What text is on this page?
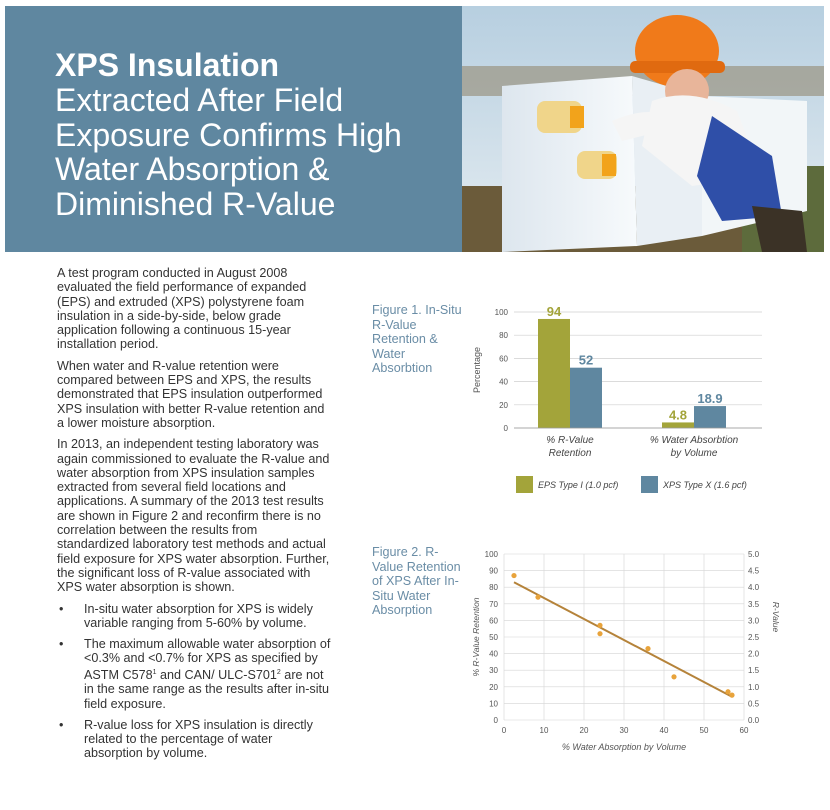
XPS Insulation
Extracted After Field Exposure Confirms High Water Absorption & Diminished R-Value

A test program conducted in August 2008 evaluated the field performance of expanded (EPS) and extruded (XPS) polystyrene foam insulation in a side-by-side, below grade application following a continuous 15-year installation period.

When water and R-value retention were compared between EPS and XPS, the results demonstrated that EPS insulation outperformed XPS insulation with better R-value retention and a lower moisture absorption.

In 2013, an independent testing laboratory was again commissioned to evaluate the R-value and water absorption from XPS insulation samples extracted from several field locations and applications. A summary of the 2013 test results are shown in Figure 2 and reconfirm there is no correlation between the results from standardized laboratory test methods and actual field exposure for XPS water absorption. Further, the significant loss of R-value associated with XPS water absorption is shown.

• In-situ water absorption for XPS is widely variable ranging from 5-60% by volume.
• The maximum allowable water absorption of <0.3% and <0.7% for XPS as specified by ASTM $C578^1$ and CAN/ ULC-$S701^2$ are not in the same range as the results after in-situ field exposure.
• R-value loss for XPS insulation is directly related to the percentage of water absorption by volume.
Figure 1. In-Situ R-Value Retention & Water Absorbtion
Figure 2. R-Value Retention of XPS After In-Situ Water Absorption
0
20
40
60
80
100
Percentage
94
52
% R-Value
Retention
4.8
18.9
% Water Absorbtion
by Volume
EPS Type I (1.0 pcf)	XPS Type X (1.6 pcf)
0	0.0
10	0.5
20	1.0
30	1.5
40	2.0
50	2.5
60	3.0
70	3.5
80	4.0
90	4.5
100	5.0
0	10	20	30	40	50	60
% R-Value Retention	R-Value
% Water Absorption by Volume
